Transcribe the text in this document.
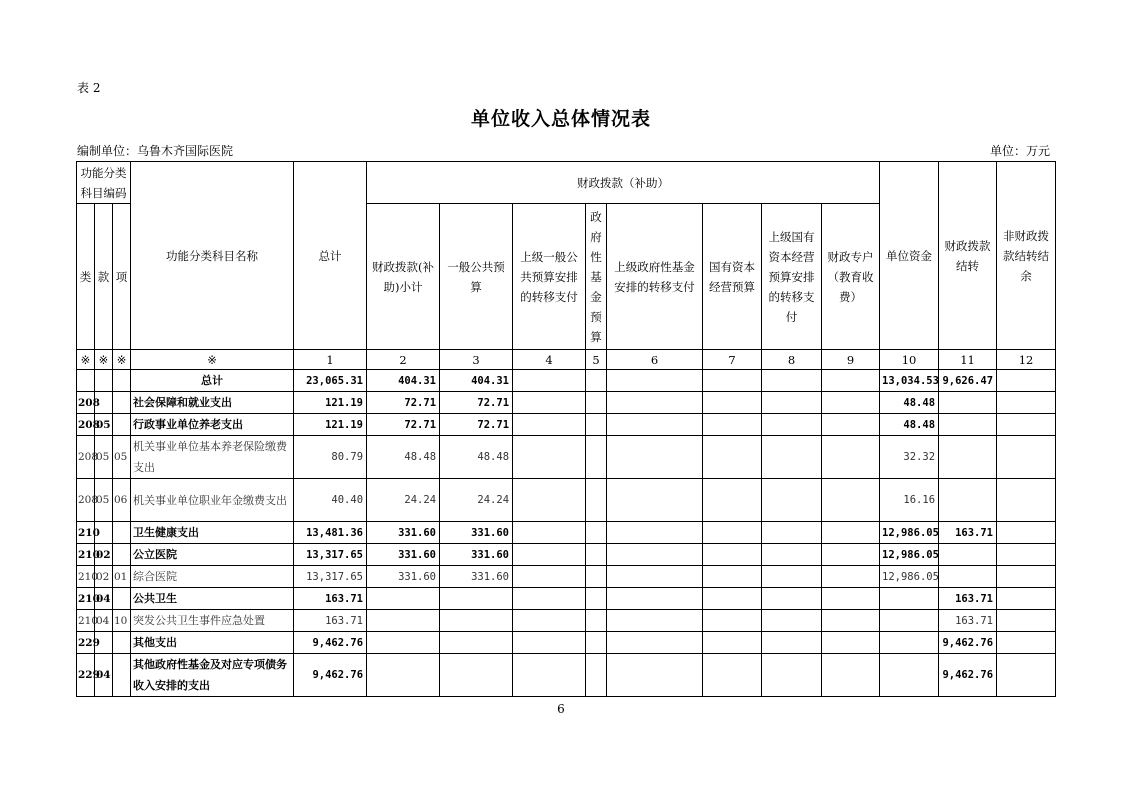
表 2
单位收入总体情况表
编制单位：乌鲁木齐国际医院	单位：万元
功能分类科目编码			功能分类科目名称	总计	财政拨款（补助）								单位资金	财政拨款结转	非财政拨款结转结余
类	款	项			财政拨款(补助)小计	一般公共预算	上级一般公共预算安排的转移支付	政府性基金预算	上级政府性基金安排的转移支付	国有资本经营预算	上级国有资本经营预算安排的转移支付	财政专户（教育收费）			
※	※	※	※	1	2	3	4	5	6	7	8	9	10	11	12
			总计	23,065.31	404.31	404.31							13,034.53	9,626.47	
208			社会保障和就业支出	121.19	72.71	72.71							48.48		
208	05		行政事业单位养老支出	121.19	72.71	72.71							48.48		
208	05	05	机关事业单位基本养老保险缴费支出	80.79	48.48	48.48							32.32		
208	05	06	机关事业单位职业年金缴费支出	40.40	24.24	24.24							16.16		
210			卫生健康支出	13,481.36	331.60	331.60							12,986.05	163.71	
210	02		公立医院	13,317.65	331.60	331.60							12,986.05		
210	02	01	综合医院	13,317.65	331.60	331.60							12,986.05		
210	04		公共卫生	163.71										163.71	
210	04	10	突发公共卫生事件应急处置	163.71										163.71	
229			其他支出	9,462.76										9,462.76	
229	04		其他政府性基金及对应专项债务收入安排的支出	9,462.76										9,462.76	
6
